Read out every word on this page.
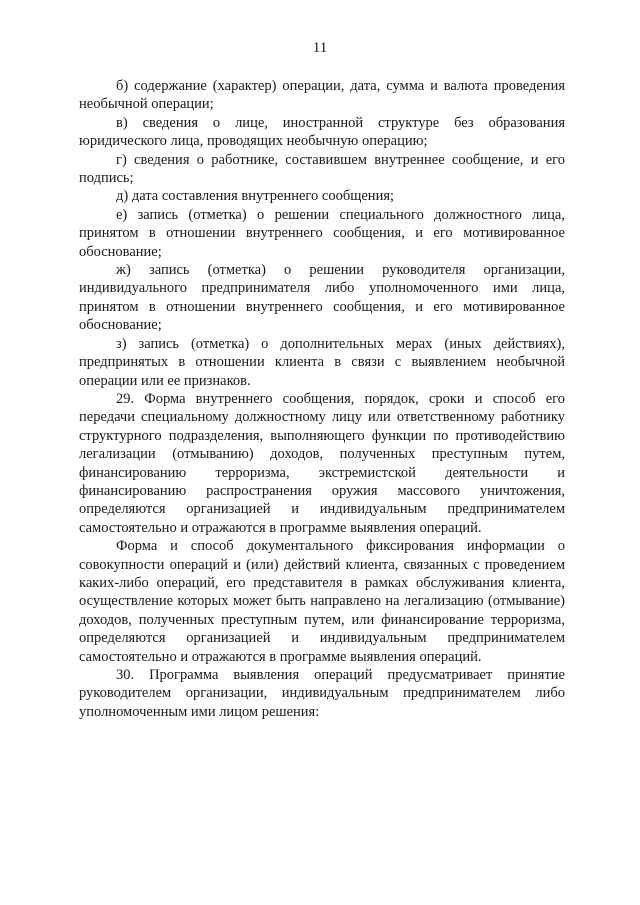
11

б) содержание (характер) операции, дата, сумма и валюта проведения необычной операции;

в) сведения о лице, иностранной структуре без образования юридического лица, проводящих необычную операцию;

г) сведения о работнике, составившем внутреннее сообщение, и его подпись;

д) дата составления внутреннего сообщения;

е) запись (отметка) о решении специального должностного лица, принятом в отношении внутреннего сообщения, и его мотивированное обоснование;

ж) запись (отметка) о решении руководителя организации, индивидуального предпринимателя либо уполномоченного ими лица, принятом в отношении внутреннего сообщения, и его мотивированное обоснование;

з) запись (отметка) о дополнительных мерах (иных действиях), предпринятых в отношении клиента в связи с выявлением необычной операции или ее признаков.

29. Форма внутреннего сообщения, порядок, сроки и способ его передачи специальному должностному лицу или ответственному работнику структурного подразделения, выполняющего функции по противодействию легализации (отмыванию) доходов, полученных преступным путем, финансированию терроризма, экстремистской деятельности и финансированию распространения оружия массового уничтожения, определяются организацией и индивидуальным предпринимателем самостоятельно и отражаются в программе выявления операций.

Форма и способ документального фиксирования информации о совокупности операций и (или) действий клиента, связанных с проведением каких-либо операций, его представителя в рамках обслуживания клиента, осуществление которых может быть направлено на легализацию (отмывание) доходов, полученных преступным путем, или финансирование терроризма, определяются организацией и индивидуальным предпринимателем самостоятельно и отражаются в программе выявления операций.

30. Программа выявления операций предусматривает принятие руководителем организации, индивидуальным предпринимателем либо уполномоченным ими лицом решения:
